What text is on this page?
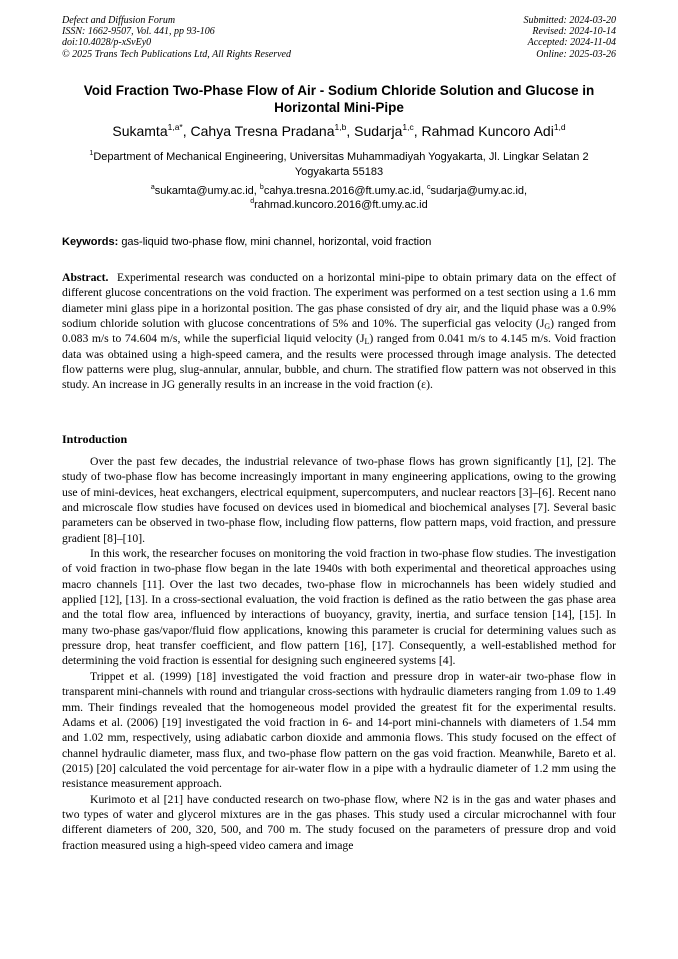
Defect and Diffusion Forum
ISSN: 1662-9507, Vol. 441, pp 93-106
doi:10.4028/p-xSvEy0
© 2025 Trans Tech Publications Ltd, All Rights Reserved
Submitted: 2024-03-20
Revised: 2024-10-14
Accepted: 2024-11-04
Online: 2025-03-26
Void Fraction Two-Phase Flow of Air - Sodium Chloride Solution and Glucose in Horizontal Mini-Pipe
Sukamta$^{1,a*}$, Cahya Tresna Pradana$^{1,b}$, Sudarja$^{1,c}$, Rahmad Kuncoro Adi$^{1,d}$
$^1$Department of Mechanical Engineering, Universitas Muhammadiyah Yogyakarta, Jl. Lingkar Selatan 2 Yogyakarta 55183
$^a$sukamta@umy.ac.id, $^b$cahya.tresna.2016@ft.umy.ac.id, $^c$sudarja@umy.ac.id,
$^d$rahmad.kuncoro.2016@ft.umy.ac.id
Keywords: gas-liquid two-phase flow, mini channel, horizontal, void fraction
Abstract. Experimental research was conducted on a horizontal mini-pipe to obtain primary data on the effect of different glucose concentrations on the void fraction. The experiment was performed on a test section using a 1.6 mm diameter mini glass pipe in a horizontal position. The gas phase consisted of dry air, and the liquid phase was a 0.9% sodium chloride solution with glucose concentrations of 5% and 10%. The superficial gas velocity $(J_G)$ ranged from 0.083 m/s to 74.604 m/s, while the superficial liquid velocity $(J_L)$ ranged from 0.041 m/s to 4.145 m/s. Void fraction data was obtained using a high-speed camera, and the results were processed through image analysis. The detected flow patterns were plug, slug-annular, annular, bubble, and churn. The stratified flow pattern was not observed in this study. An increase in JG generally results in an increase in the void fraction (ε).
Introduction

Over the past few decades, the industrial relevance of two-phase flows has grown significantly [1], [2]. The study of two-phase flow has become increasingly important in many engineering applications, owing to the growing use of mini-devices, heat exchangers, electrical equipment, supercomputers, and nuclear reactors [3]–[6]. Recent nano and microscale flow studies have focused on devices used in biomedical and biochemical analyses [7]. Several basic parameters can be observed in two-phase flow, including flow patterns, flow pattern maps, void fraction, and pressure gradient [8]–[10].

In this work, the researcher focuses on monitoring the void fraction in two-phase flow studies. The investigation of void fraction in two-phase flow began in the late 1940s with both experimental and theoretical approaches using macro channels [11]. Over the last two decades, two-phase flow in microchannels has been widely studied and applied [12], [13]. In a cross-sectional evaluation, the void fraction is defined as the ratio between the gas phase area and the total flow area, influenced by interactions of buoyancy, gravity, inertia, and surface tension [14], [15]. In many two-phase gas/vapor/fluid flow applications, knowing this parameter is crucial for determining values such as pressure drop, heat transfer coefficient, and flow pattern [16], [17]. Consequently, a well-established method for determining the void fraction is essential for designing such engineered systems [4].

Trippet et al. (1999) [18] investigated the void fraction and pressure drop in water-air two-phase flow in transparent mini-channels with round and triangular cross-sections with hydraulic diameters ranging from 1.09 to 1.49 mm. Their findings revealed that the homogeneous model provided the greatest fit for the experimental results. Adams et al. (2006) [19] investigated the void fraction in 6- and 14-port mini-channels with diameters of 1.54 mm and 1.02 mm, respectively, using adiabatic carbon dioxide and ammonia flows. This study focused on the effect of channel hydraulic diameter, mass flux, and two-phase flow pattern on the gas void fraction. Meanwhile, Bareto et al. (2015) [20] calculated the void percentage for air-water flow in a pipe with a hydraulic diameter of 1.2 mm using the resistance measurement approach.

Kurimoto et al [21] have conducted research on two-phase flow, where N2 is in the gas and water phases and two types of water and glycerol mixtures are in the gas phases. This study used a circular microchannel with four different diameters of 200, 320, 500, and 700 m. The study focused on the parameters of pressure drop and void fraction measured using a high-speed video camera and image
